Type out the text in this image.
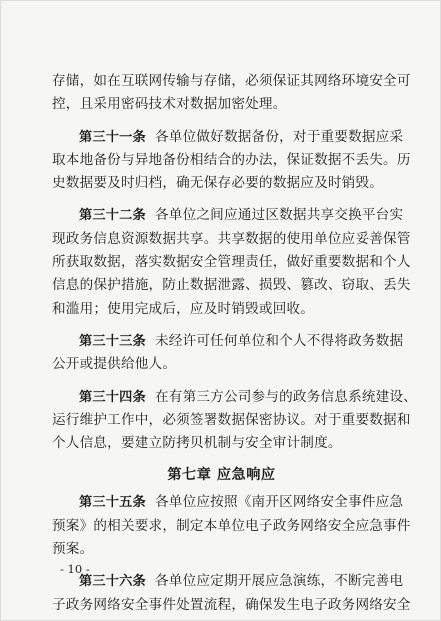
存储，如在互联网传输与存储，必须保证其网络环境安全可
控，且采用密码技术对数据加密处理。
第三十一条 各单位做好数据备份，对于重要数据应采
取本地备份与异地备份相结合的办法，保证数据不丢失。历
史数据要及时归档，确无保存必要的数据应及时销毁。
第三十二条 各单位之间应通过区数据共享交换平台实
现政务信息资源数据共享。共享数据的使用单位应妥善保管
所获取数据，落实数据安全管理责任，做好重要数据和个人
信息的保护措施，防止数据泄露、损毁、篡改、窃取、丢失
和滥用；使用完成后，应及时销毁或回收。
第三十三条 未经许可任何单位和个人不得将政务数据
公开或提供给他人。
第三十四条 在有第三方公司参与的政务信息系统建设、
运行维护工作中，必须签署数据保密协议。对于重要数据和
个人信息，要建立防拷贝机制与安全审计制度。
第七章 应急响应
第三十五条 各单位应按照《南开区网络安全事件应急
预案》的相关要求，制定本单位电子政务网络安全应急事件
预案。
第三十六条 各单位应定期开展应急演练，不断完善电
子政务网络安全事件处置流程，确保发生电子政务网络安全
- 10 -
